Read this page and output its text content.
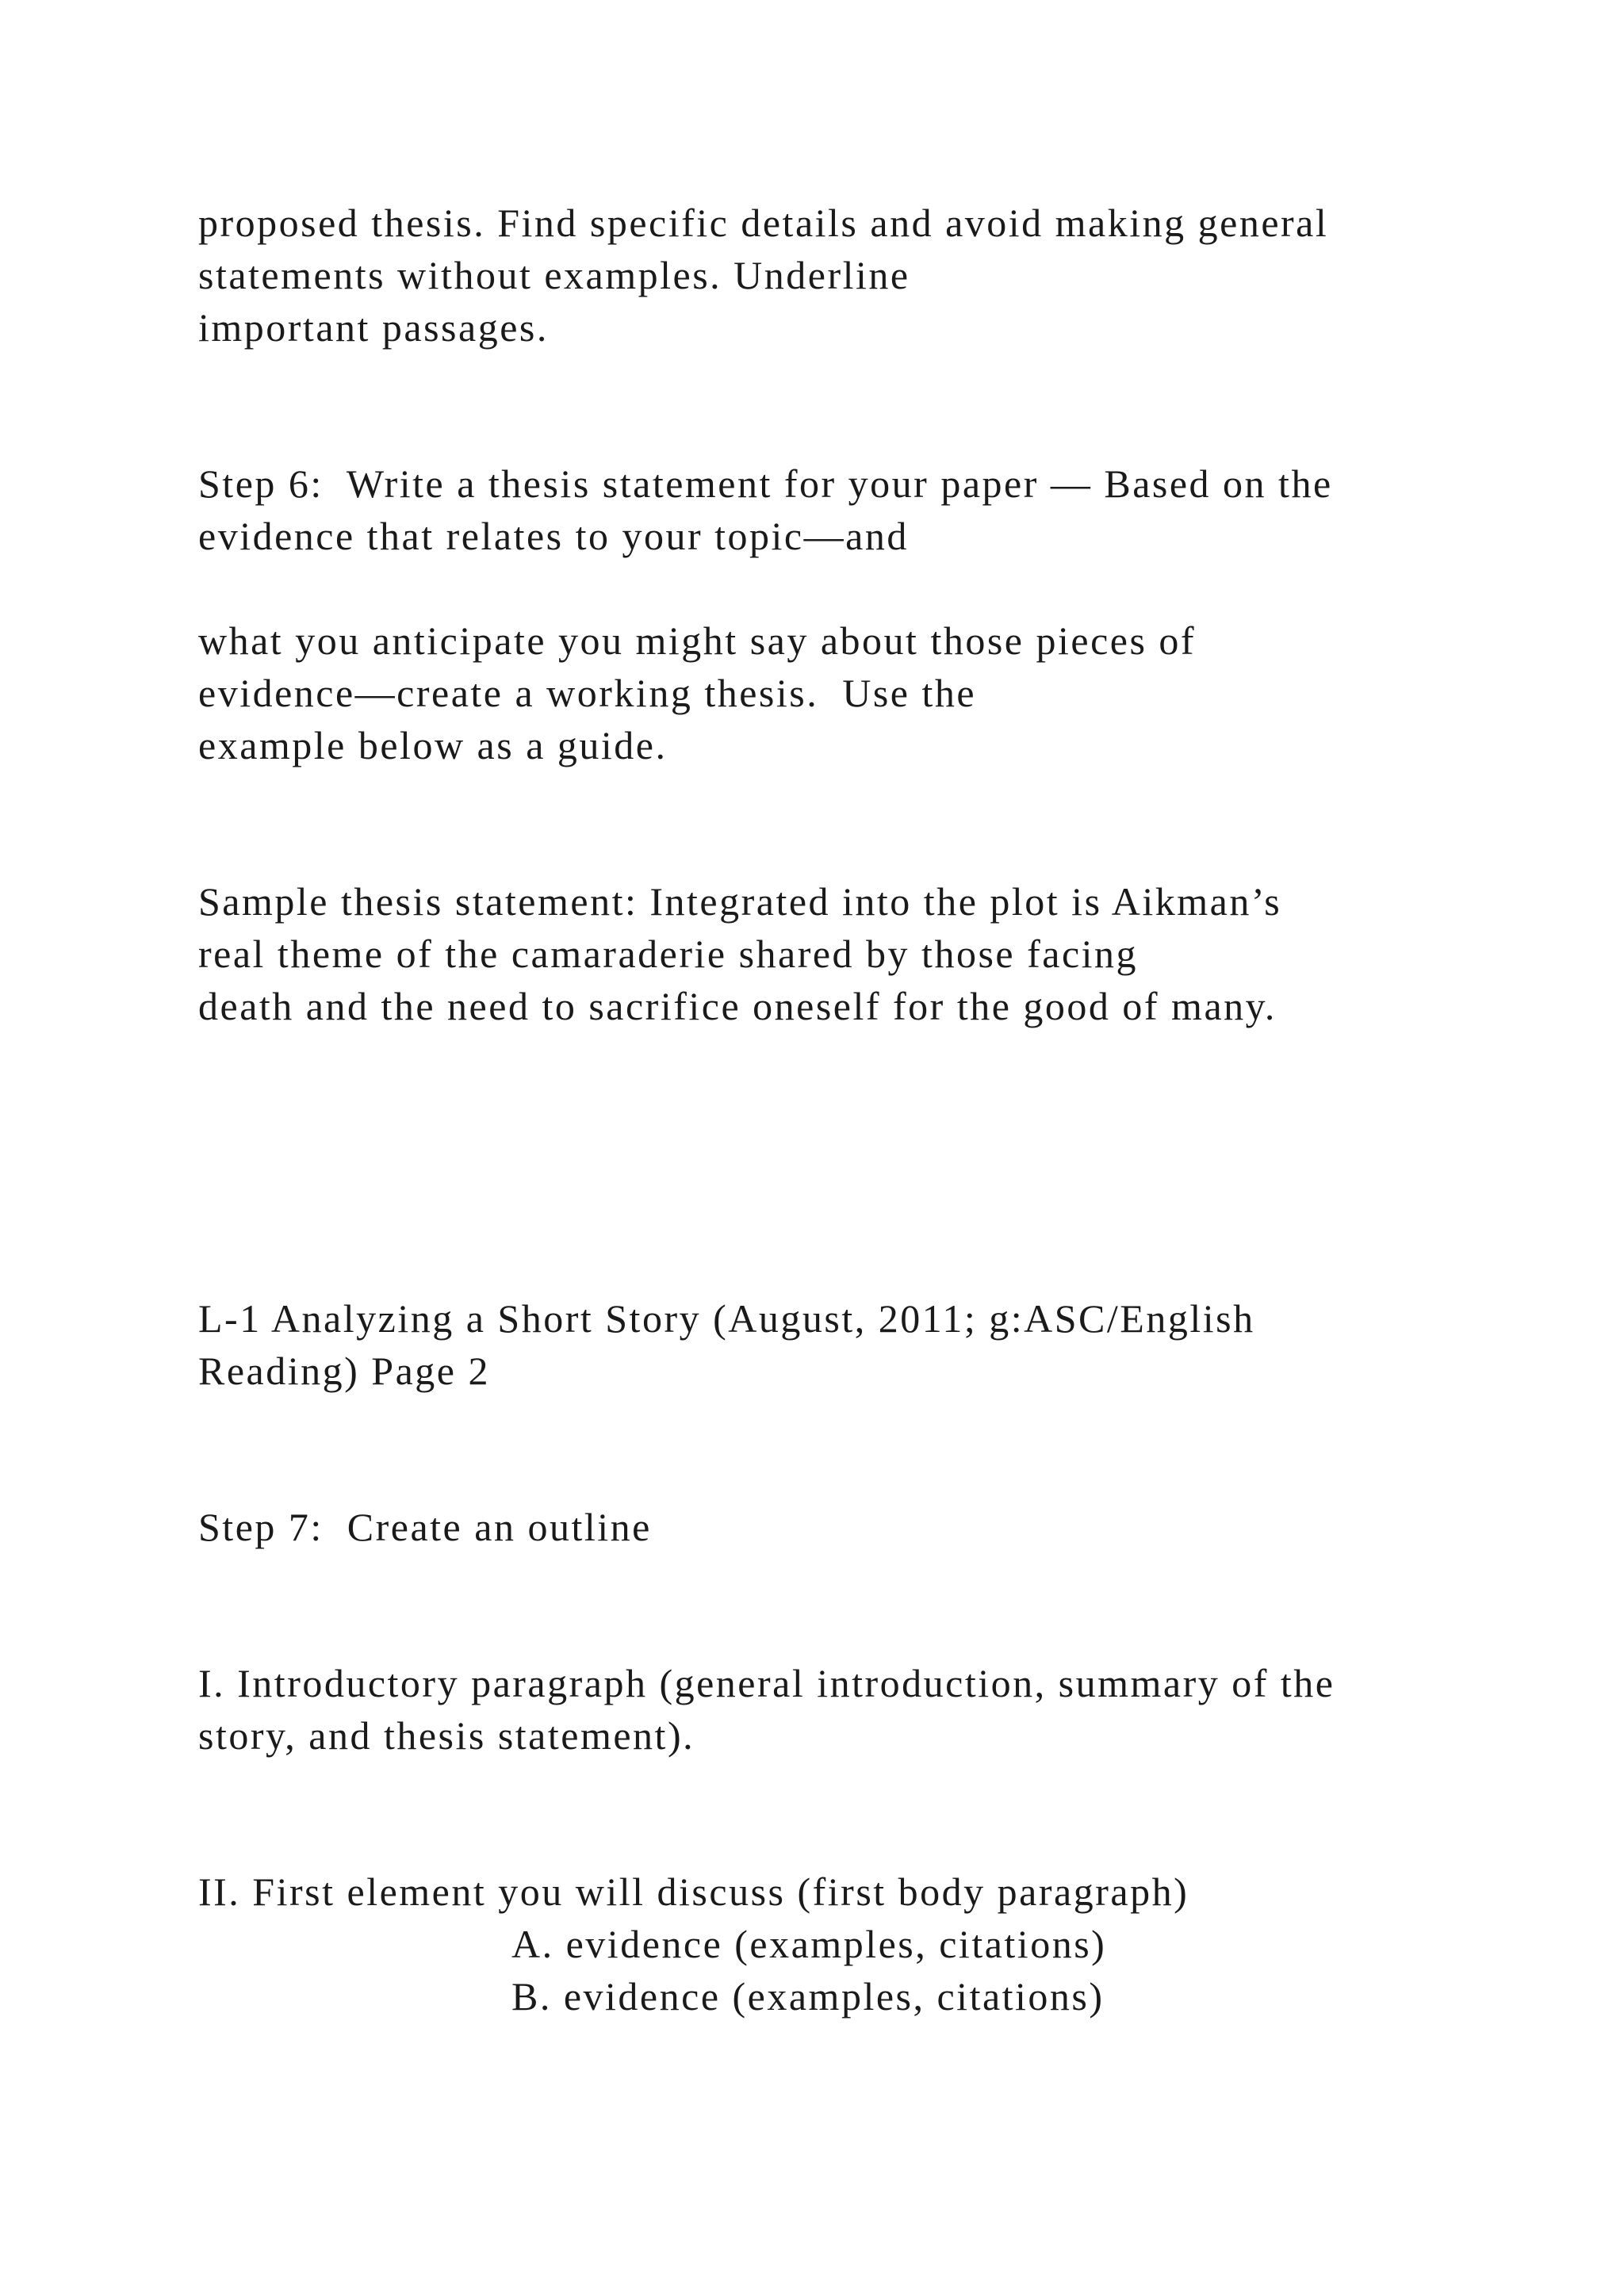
proposed thesis. Find specific details and avoid making general

statements without examples. Underline

important passages.

Step 6:  Write a thesis statement for your paper — Based on the

evidence that relates to your topic—and

what you anticipate you might say about those pieces of

evidence—create a working thesis.  Use the

example below as a guide.

Sample thesis statement: Integrated into the plot is Aikman’s

real theme of the camaraderie shared by those facing

death and the need to sacrifice oneself for the good of many.

L-1 Analyzing a Short Story (August, 2011; g:ASC/English

Reading) Page 2

Step 7:  Create an outline

I. Introductory paragraph (general introduction, summary of the

story, and thesis statement).

II. First element you will discuss (first body paragraph)

A. evidence (examples, citations)

B. evidence (examples, citations)
